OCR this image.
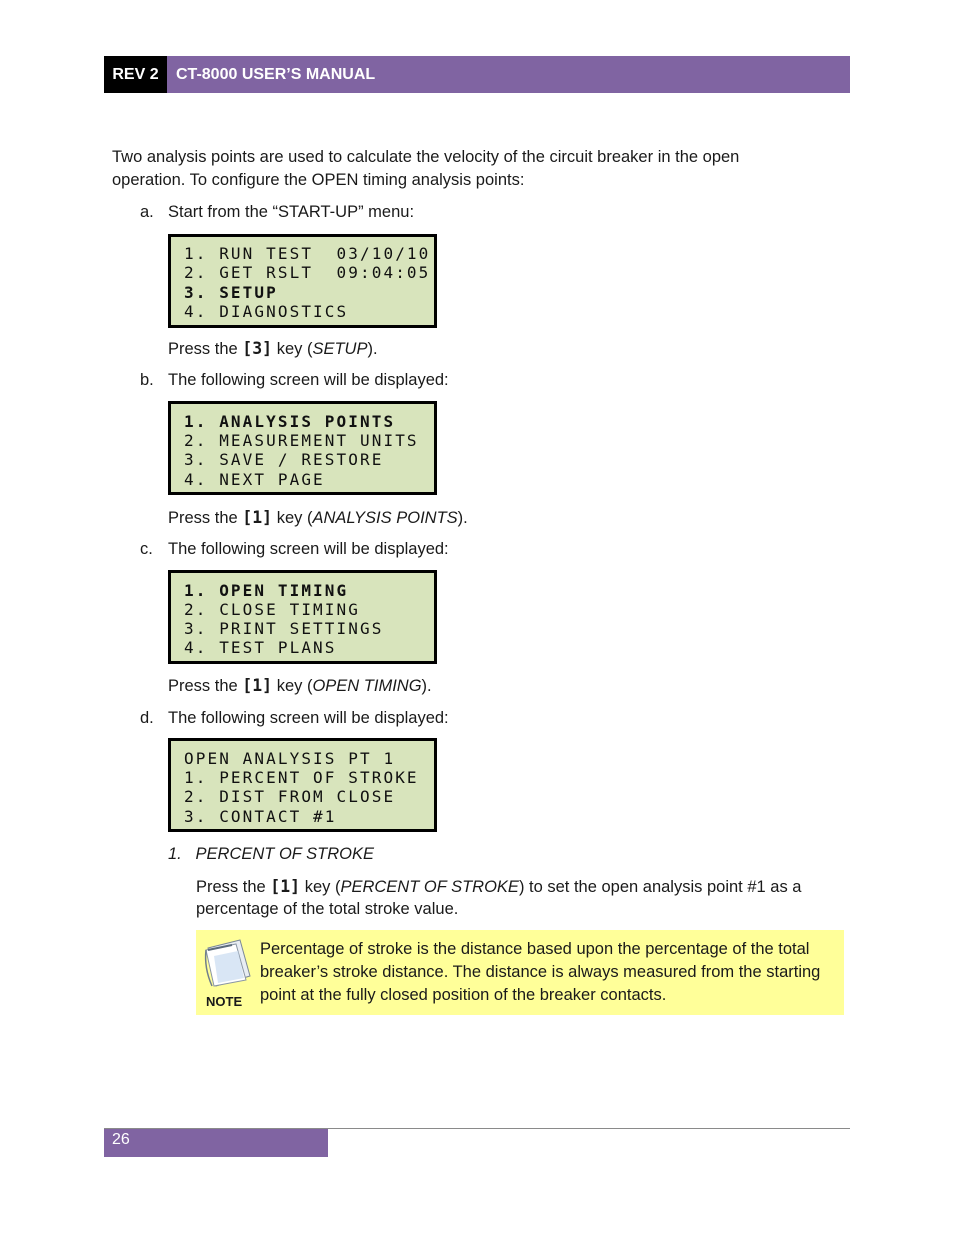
REV 2	CT-8000 USER’S MANUAL

Two analysis points are used to calculate the velocity of the circuit breaker in the open

operation. To configure the OPEN timing analysis points:

a. Start from the “START-UP” menu:
1. RUN TEST  03/10/10
2. GET RSLT  09:04:05
3. SETUP
4. DIAGNOSTICS
Press the [3] key (SETUP).
b. The following screen will be displayed:
1. ANALYSIS POINTS
2. MEASUREMENT UNITS
3. SAVE / RESTORE
4. NEXT PAGE
Press the [1] key (ANALYSIS POINTS).
c. The following screen will be displayed:
1. OPEN TIMING
2. CLOSE TIMING
3. PRINT SETTINGS
4. TEST PLANS
Press the [1] key (OPEN TIMING).
d. The following screen will be displayed:
OPEN ANALYSIS PT 1
1. PERCENT OF STROKE
2. DIST FROM CLOSE
3. CONTACT #1
1.   PERCENT OF STROKE
Press the [1] key (PERCENT OF STROKE) to set the open analysis point #1 as a
percentage of the total stroke value.
NOTE
Percentage of stroke is the distance based upon the percentage of the total
breaker’s stroke distance. The distance is always measured from the starting
point at the fully closed position of the breaker contacts.
26
